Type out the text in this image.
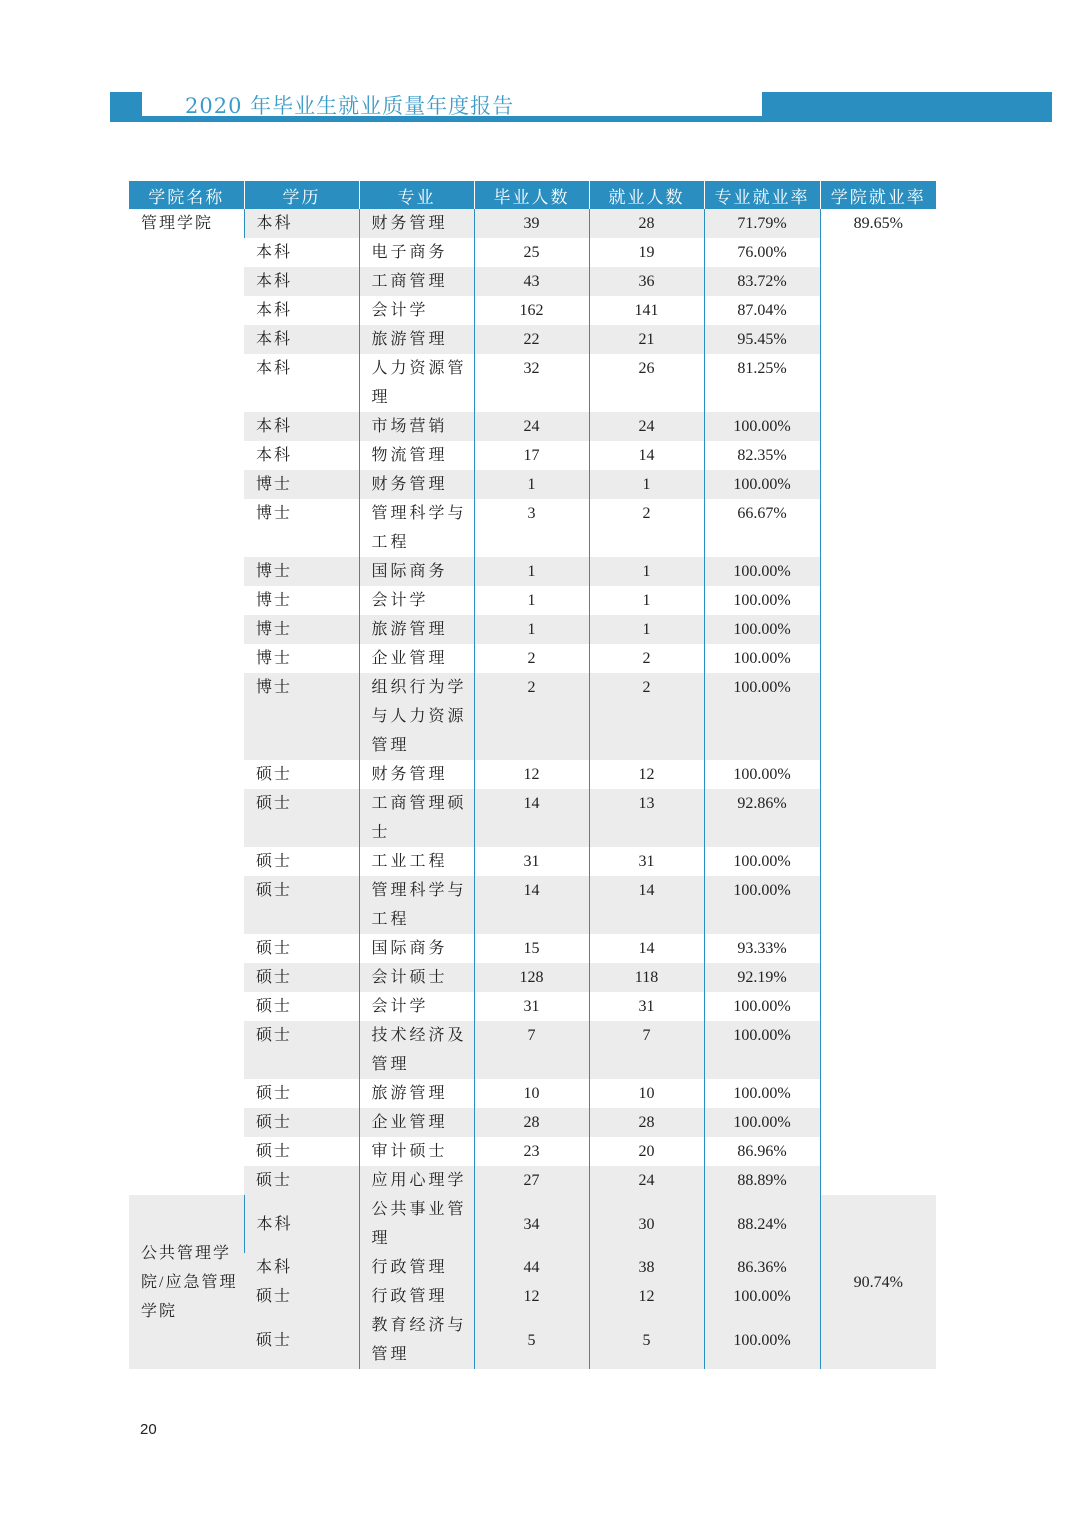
2020 年毕业生就业质量年度报告
学院名称	学历	专业	毕业人数	就业人数	专业就业率	学院就业率
管理学院	本科	财务管理	39	28	71.79%	89.65%
	本科	电子商务	25	19	76.00%	
	本科	工商管理	43	36	83.72%	
	本科	会计学	162	141	87.04%	
	本科	旅游管理	22	21	95.45%	
	本科	人力资源管理	32	26	81.25%	
	本科	市场营销	24	24	100.00%	
	本科	物流管理	17	14	82.35%	
	博士	财务管理	1	1	100.00%	
	博士	管理科学与工程	3	2	66.67%	
	博士	国际商务	1	1	100.00%	
	博士	会计学	1	1	100.00%	
	博士	旅游管理	1	1	100.00%	
	博士	企业管理	2	2	100.00%	
	博士	组织行为学与人力资源管理	2	2	100.00%	
	硕士	财务管理	12	12	100.00%	
	硕士	工商管理硕士	14	13	92.86%	
	硕士	工业工程	31	31	100.00%	
	硕士	管理科学与工程	14	14	100.00%	
	硕士	国际商务	15	14	93.33%	
	硕士	会计硕士	128	118	92.19%	
	硕士	会计学	31	31	100.00%	
	硕士	技术经济及管理	7	7	100.00%	
	硕士	旅游管理	10	10	100.00%	
	硕士	企业管理	28	28	100.00%	
	硕士	审计硕士	23	20	86.96%	
	硕士	应用心理学	27	24	88.89%	
公共管理学院/应急管理学院	本科	公共事业管理	34	30	88.24%	90.74%
	本科	行政管理	44	38	86.36%	
	硕士	行政管理	12	12	100.00%	
	硕士	教育经济与管理	5	5	100.00%	
20
